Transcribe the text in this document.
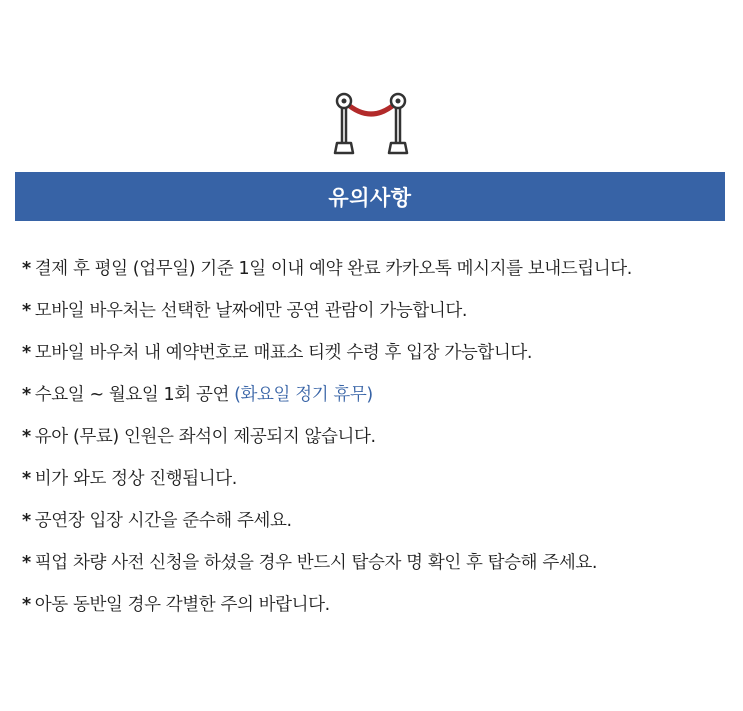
유의사항
* 결제 후 평일 (업무일) 기준 1일 이내 예약 완료 카카오톡 메시지를 보내드립니다.
* 모바일 바우처는 선택한 날짜에만 공연 관람이 가능합니다.
* 모바일 바우처 내 예약번호로 매표소 티켓 수령 후 입장 가능합니다.
* 수요일 ~ 월요일 1회 공연 (화요일 정기 휴무)
* 유아 (무료) 인원은 좌석이 제공되지 않습니다.
* 비가 와도 정상 진행됩니다.
* 공연장 입장 시간을 준수해 주세요.
* 픽업 차량 사전 신청을 하셨을 경우 반드시 탑승자 명 확인 후 탑승해 주세요.
* 아동 동반일 경우 각별한 주의 바랍니다.
